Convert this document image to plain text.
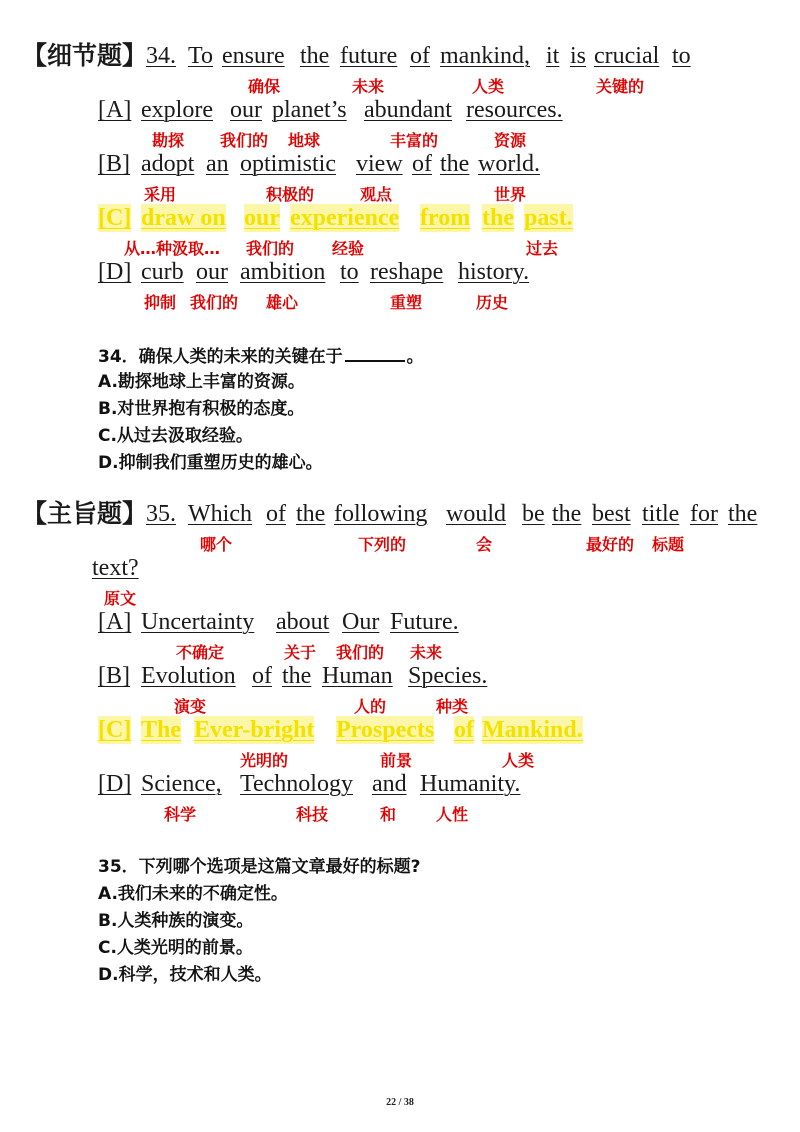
【细节题】
34. To ensure the future of mankind, it is crucial to
确保	未来	人类	关键的
[A] explore our planet’s abundant resources.
勘探 我们的 地球	丰富的	资源
[B] adopt an optimistic view of the world.
采用	积极的	观点	世界
[C] draw on our experience from the past.
从…种汲取… 我们的 经验	过去
[D] curb our ambition to reshape history.
抑制 我们的 雄心	重塑	历史
34．确保人类的未来的关键在于	。
A.勘探地球上丰富的资源。
B.对世界抱有积极的态度。
C.从过去汲取经验。
D.抑制我们重塑历史的雄心。
【主旨题】
35. Which of the following would be the best title for the
哪个	下列的	会	最好的 标题
text?
原文
[A] Uncertainty about Our Future.
不确定	关于 我们的 未来
[B] Evolution of the Human Species.
演变	人的	种类
[C] The Ever-bright Prospects of Mankind.
光明的	前景	人类
[D] Science, Technology and Humanity.
科学	科技	和 人性
35．下列哪个选项是这篇文章最好的标题?
A.我们未来的不确定性。
B.人类种族的演变。
C.人类光明的前景。
D.科学，技术和人类。
22 / 38
